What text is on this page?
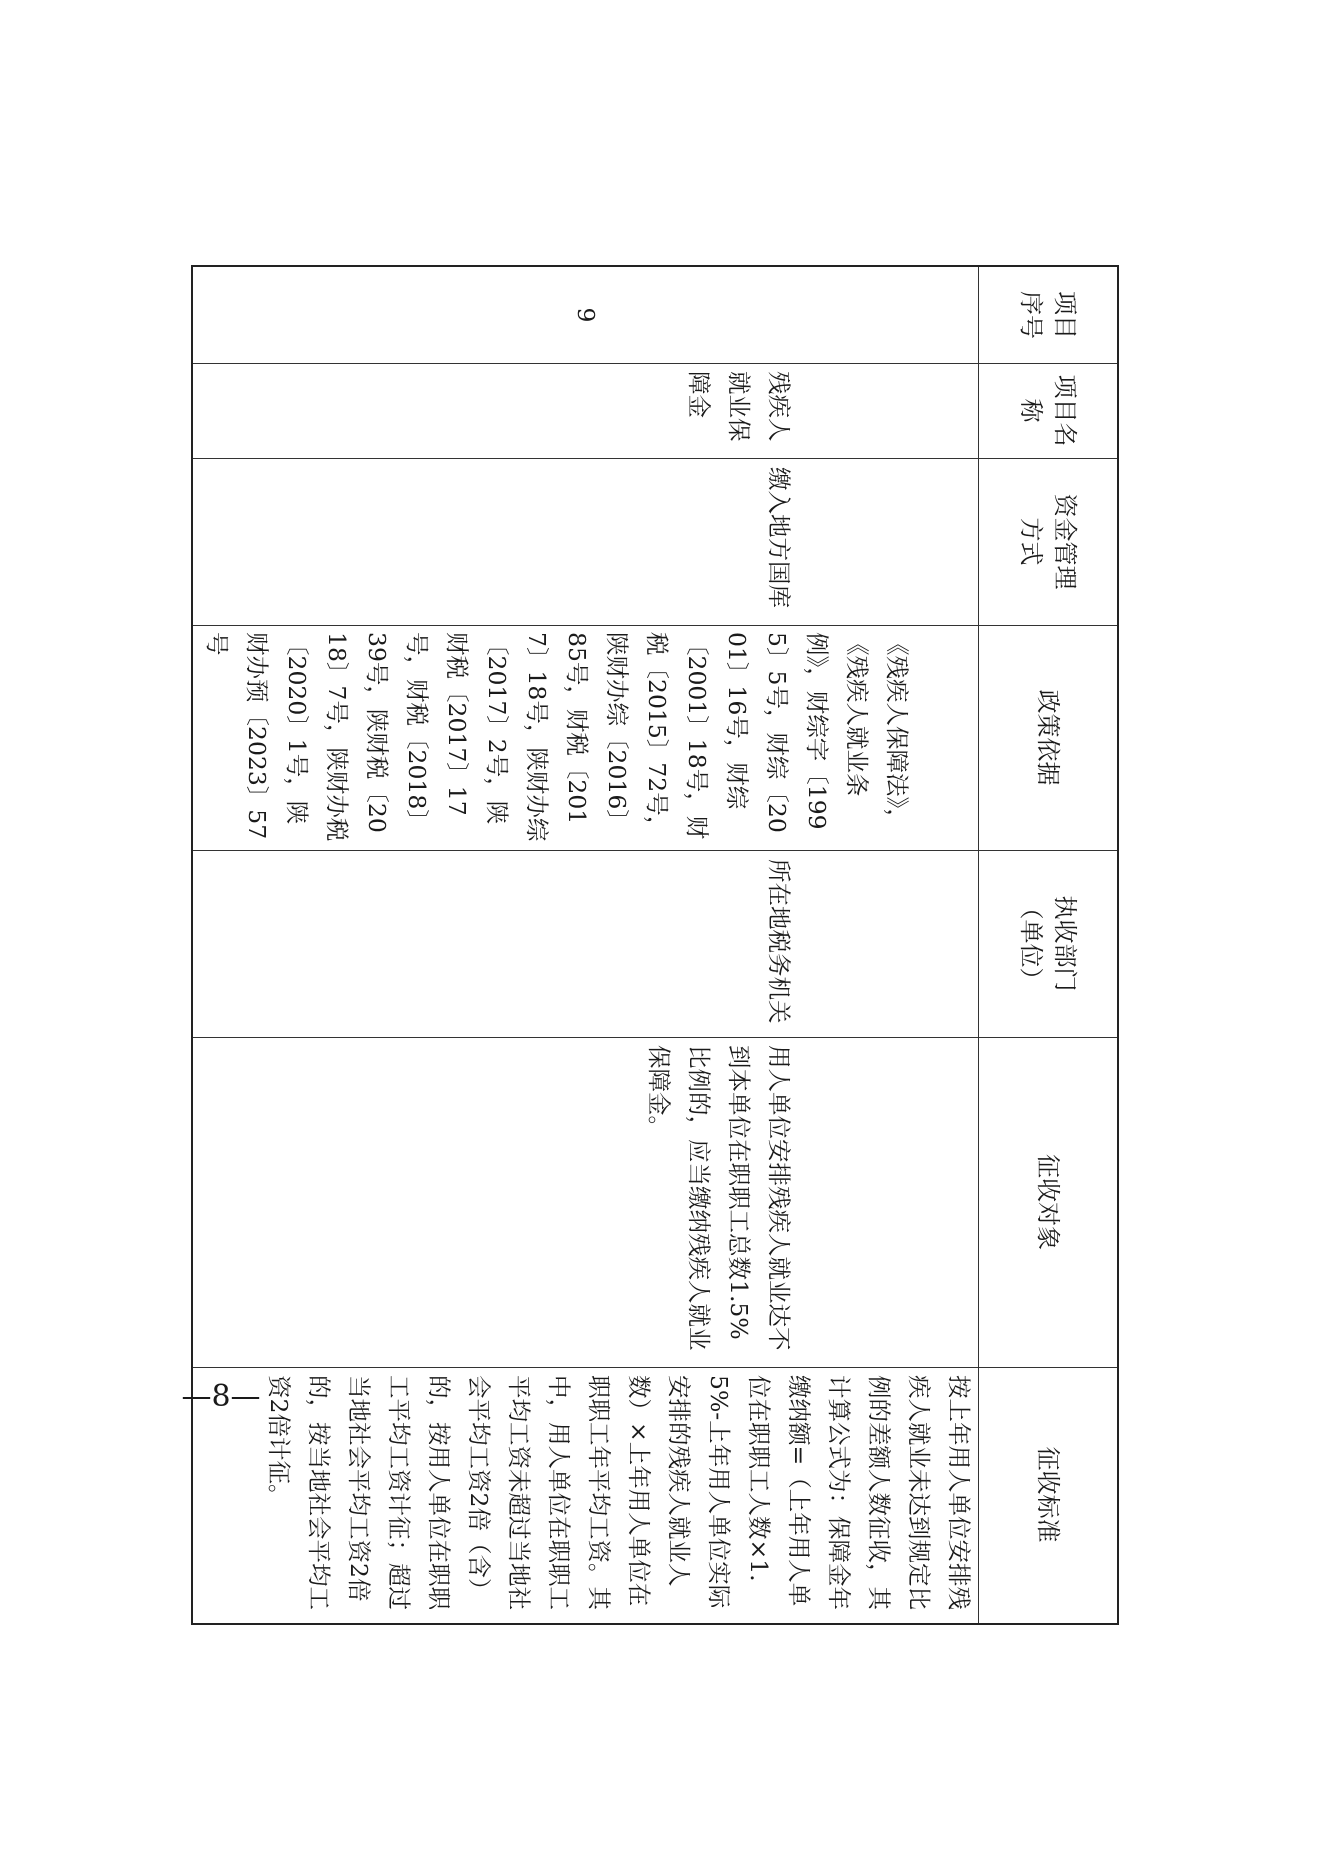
项目序号
项目名称
资金管理方式
政策依据
执收部门（单位）
征收对象
征收标准
9
残疾人就业保障金
缴入地方国库
《残疾人保障法》，《残疾人就业条例》，财综字〔1995〕5号，财综〔2001〕16号，财综〔2001〕18号，财税〔2015〕72号，陕财办综〔2016〕85号，财税〔2017〕18号，陕财办综〔2017〕2号，陕财税〔2017〕17号，财税〔2018〕39号，陕财税〔2018〕7号，陕财办税〔2020〕1号，陕财办预〔2023〕57号
所在地税务机关
用人单位安排残疾人就业达不到本单位在职职工总数1.5%比例的，应当缴纳残疾人就业保障金。
按上年用人单位安排残疾人就业未达到规定比例的差额人数征收，其计算公式为：保障金年缴纳额=（上年用人单位在职职工人数×1.5%-上年用人单位实际安排的残疾人就业人数）×上年用人单位在职职工年平均工资。其中，用人单位在职职工平均工资未超过当地社会平均工资2倍（含）的，按用人单位在职职工平均工资计征；超过当地社会平均工资2倍的，按当地社会平均工资2倍计征。
—8—
